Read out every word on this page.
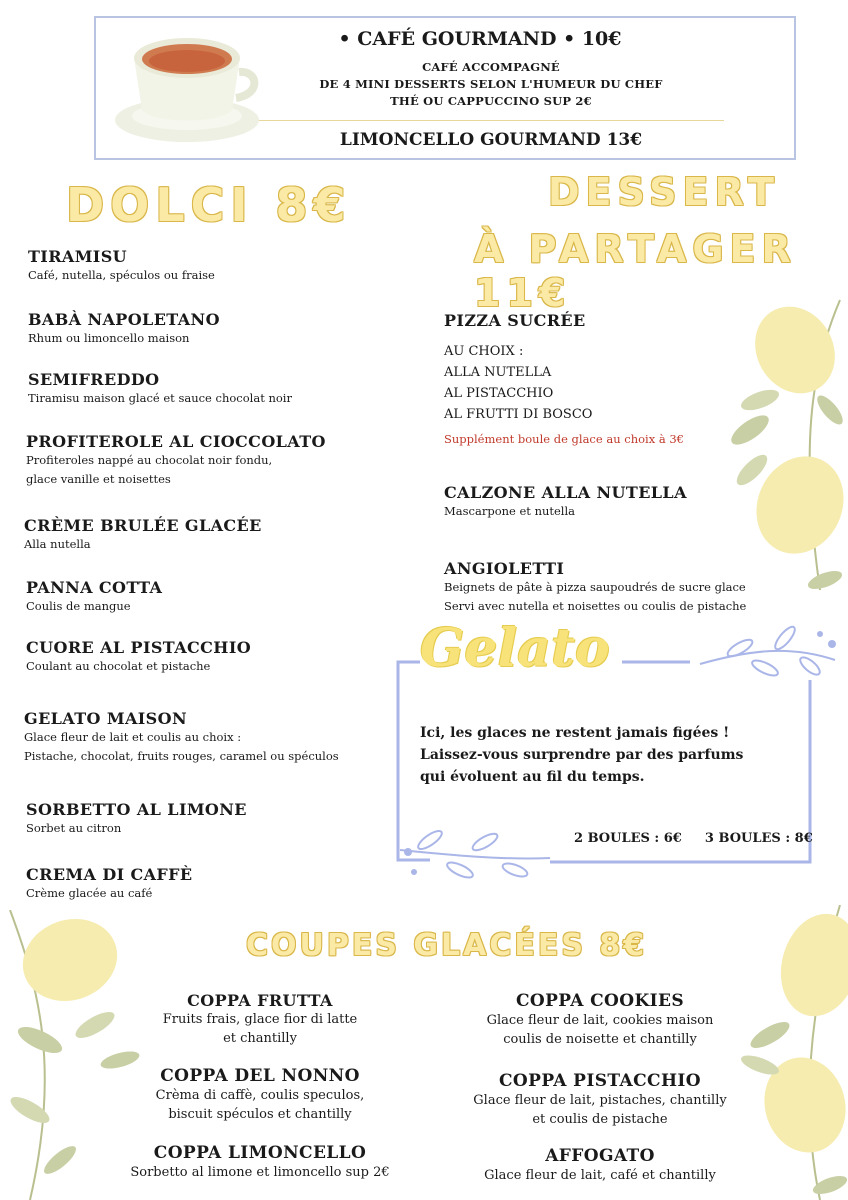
• CAFÉ GOURMAND • 10€
CAFÉ ACCOMPAGNÉ
DE 4 MINI DESSERTS SELON L'HUMEUR DU CHEF
THÉ OU CAPPUCCINO SUP 2€
LIMONCELLO GOURMAND 13€
DOLCI 8€	DESSERT
À PARTAGER 11€
TIRAMISU
Café, nutella, spéculos ou fraise
BABÀ NAPOLETANO
Rhum ou limoncello maison
SEMIFREDDO
Tiramisu maison glacé et sauce chocolat noir
PROFITEROLE AL CIOCCOLATO
Profiteroles nappé au chocolat noir fondu,
glace vanille et noisettes
CRÈME BRULÉE GLACÉE
Alla nutella
PANNA COTTA
Coulis de mangue
CUORE AL PISTACCHIO
Coulant au chocolat et pistache
GELATO MAISON
Glace fleur de lait et coulis au choix :
Pistache, chocolat, fruits rouges, caramel ou spéculos
SORBETTO AL LIMONE
Sorbet au citron
CREMA DI CAFFÈ
Crème glacée au café
PIZZA SUCRÉE
AU CHOIX :
ALLA NUTELLA
AL PISTACCHIO
AL FRUTTI DI BOSCO
Supplément boule de glace au choix à 3€
CALZONE ALLA NUTELLA
Mascarpone et nutella
ANGIOLETTI
Beignets de pâte à pizza saupoudrés de sucre glace
Servi avec nutella et noisettes ou coulis de pistache
Gelato
Ici, les glaces ne restent jamais figées !
Laissez-vous surprendre par des parfums
qui évoluent au fil du temps.
2 BOULES : 6€ 3 BOULES : 8€
COUPES GLACÉES 8€
COPPA FRUTTA
Fruits frais, glace fior di latte
et chantilly
COPPA DEL NONNO
Crèma di caffè, coulis speculos,
biscuit spéculos et chantilly
COPPA LIMONCELLO
Sorbetto al limone et limoncello sup 2€
COPPA COOKIES
Glace fleur de lait, cookies maison
coulis de noisette et chantilly
COPPA PISTACCHIO
Glace fleur de lait, pistaches, chantilly
et coulis de pistache
AFFOGATO
Glace fleur de lait, café et chantilly
